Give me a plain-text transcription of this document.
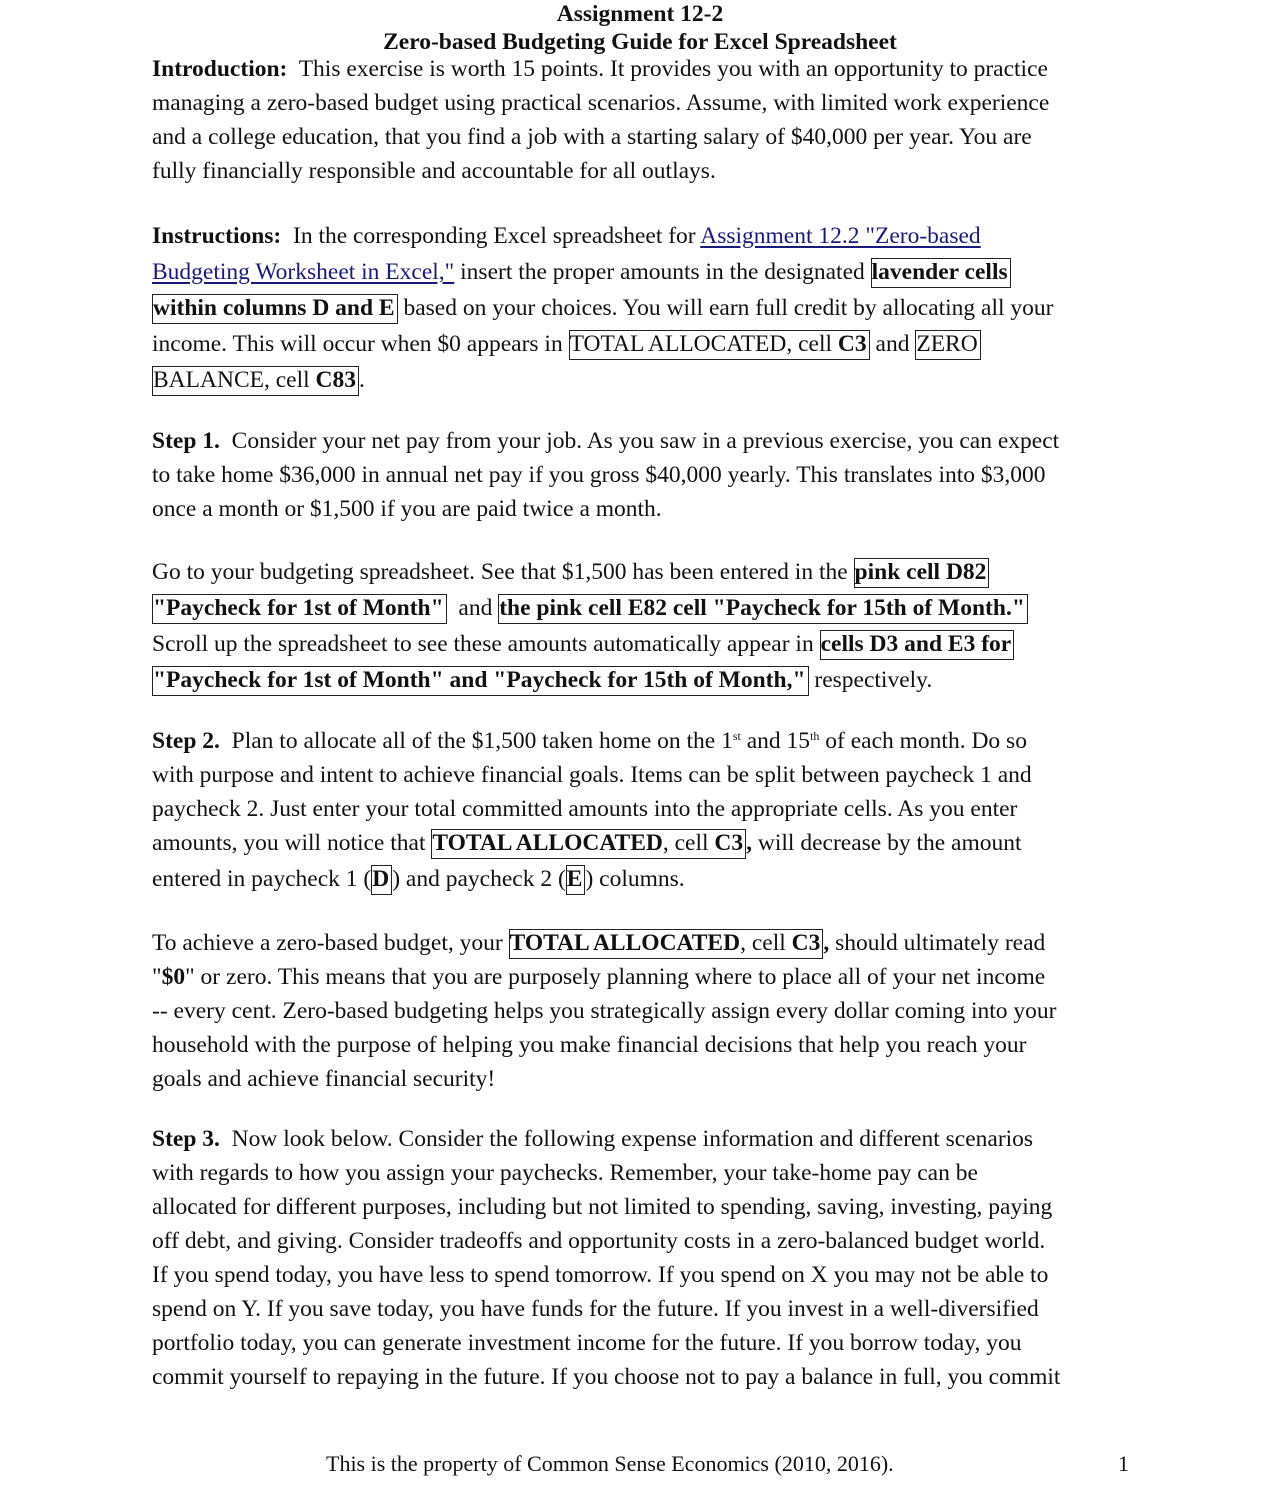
Assignment 12-2
Zero-based Budgeting Guide for Excel Spreadsheet
Introduction: This exercise is worth 15 points. It provides you with an opportunity to practice
managing a zero-based budget using practical scenarios. Assume, with limited work experience
and a college education, that you find a job with a starting salary of $40,000 per year. You are
fully financially responsible and accountable for all outlays.
Instructions: In the corresponding Excel spreadsheet for Assignment 12.2 "Zero-based
Budgeting Worksheet in Excel," insert the proper amounts in the designated lavender cells
within columns D and E based on your choices. You will earn full credit by allocating all your
income. This will occur when $0 appears in TOTAL ALLOCATED, cell C3 and ZERO
BALANCE, cell C83 .
Step 1. Consider your net pay from your job. As you saw in a previous exercise, you can expect
to take home $36,000 in annual net pay if you gross $40,000 yearly. This translates into $3,000
once a month or $1,500 if you are paid twice a month.
Go to your budgeting spreadsheet. See that $1,500 has been entered in the pink cell D82
"Paycheck for 1st of Month" and the pink cell E82 cell "Paycheck for 15th of Month."
Scroll up the spreadsheet to see these amounts automatically appear in cells D3 and E3 for
"Paycheck for 1st of Month" and "Paycheck for 15th of Month," respectively.
Step 2. Plan to allocate all of the $1,500 taken home on the 1st and 15th of each month. Do so
with purpose and intent to achieve financial goals. Items can be split between paycheck 1 and
paycheck 2. Just enter your total committed amounts into the appropriate cells. As you enter
amounts, you will notice that TOTAL ALLOCATED, cell C3 , will decrease by the amount
entered in paycheck 1 (D ) and paycheck 2 (E ) columns.
To achieve a zero-based budget, your TOTAL ALLOCATED, cell C3 , should ultimately read
"$0" or zero. This means that you are purposely planning where to place all of your net income
-- every cent. Zero-based budgeting helps you strategically assign every dollar coming into your
household with the purpose of helping you make financial decisions that help you reach your
goals and achieve financial security!
Step 3. Now look below. Consider the following expense information and different scenarios
with regards to how you assign your paychecks. Remember, your take-home pay can be
allocated for different purposes, including but not limited to spending, saving, investing, paying
off debt, and giving. Consider tradeoffs and opportunity costs in a zero-balanced budget world.
If you spend today, you have less to spend tomorrow. If you spend on X you may not be able to
spend on Y. If you save today, you have funds for the future. If you invest in a well-diversified
portfolio today, you can generate investment income for the future. If you borrow today, you
commit yourself to repaying in the future. If you choose not to pay a balance in full, you commit
This is the property of Common Sense Economics (2010, 2016).	1
